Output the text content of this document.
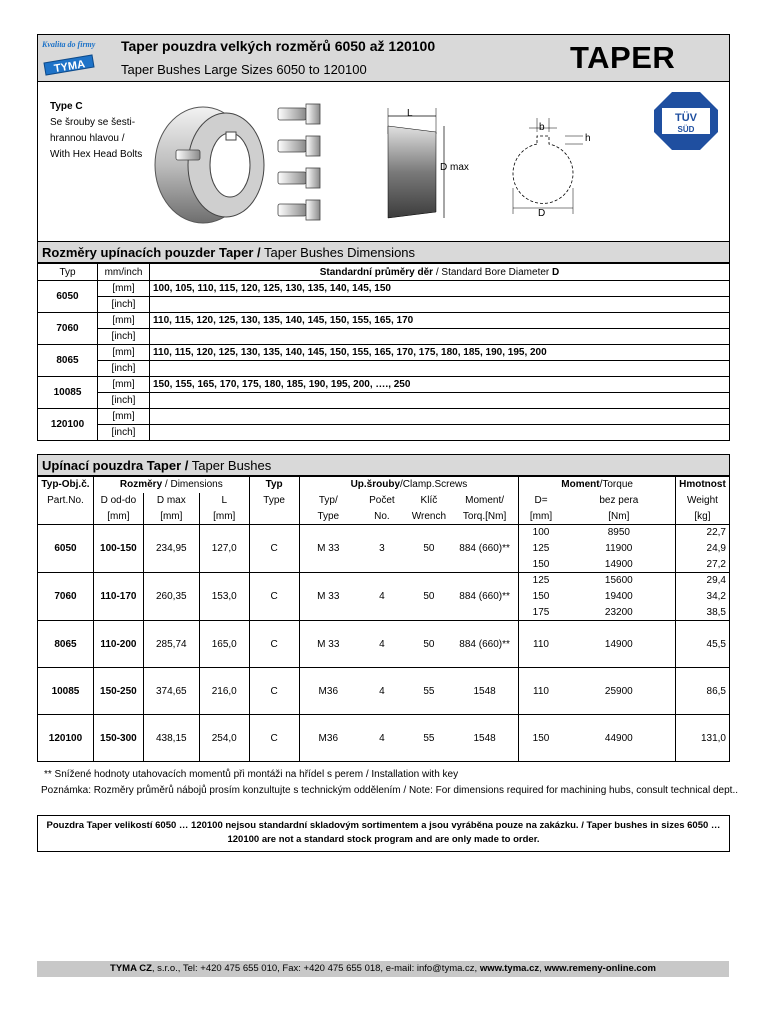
Kvalita do firmy
TYMA
Taper pouzdra velkých rozměrů 6050 až 120100
Taper Bushes Large Sizes 6050 to 120100	TAPER
Type C
Se šrouby se šesti-
hrannou hlavou /
With Hex Head Bolts
L
D max
b
h
D
TÜV
SÜD
Rozměry upínacích pouzder Taper / Taper Bushes Dimensions
Typ	mm/inch	Standardní průměry děr / Standard Bore Diameter D
6050	[mm]	100, 105, 110, 115, 120, 125, 130, 135, 140, 145, 150
	[inch]	
7060	[mm]	110, 115, 120, 125, 130, 135, 140, 145, 150, 155, 165, 170
	[inch]	
8065	[mm]	110, 115, 120, 125, 130, 135, 140, 145, 150, 155, 165, 170, 175, 180, 185, 190, 195, 200
	[inch]	
10085	[mm]	150, 155, 165, 170, 175, 180, 185, 190, 195, 200, …., 250
	[inch]	
120100	[mm]	
	[inch]	
Upínací pouzdra Taper / Taper Bushes
Typ-Obj.č.	Rozměry / Dimensions			Typ	Up.šrouby/Clamp.Screws				Moment/Torque		Hmotnost
Part.No.	D od-do	D max	L	Type	Typ/	Počet	Klíč	Moment/	D=	bez pera	Weight
	[mm]	[mm]	[mm]		Type	No.	Wrench	Torq.[Nm]	[mm]	[Nm]	[kg]
6050	100-150	234,95	127,0	C	M 33	3	50	884 (660)**	100	8950	22,7
									125	11900	24,9
									150	14900	27,2
7060	110-170	260,35	153,0	C	M 33	4	50	884 (660)**	125	15600	29,4
									150	19400	34,2
									175	23200	38,5
8065	110-200	285,74	165,0	C	M 33	4	50	884 (660)**	110	14900	45,5
10085	150-250	374,65	216,0	C	M36	4	55	1548	110	25900	86,5
120100	150-300	438,15	254,0	C	M36	4	55	1548	150	44900	131,0
** Snížené hodnoty utahovacích momentů při montáži na hřídel s perem / Installation with key
Poznámka: Rozměry průměrů nábojů prosím konzultujte s technickým oddělením / Note: For dimensions required for machining hubs, consult technical dept..
Pouzdra Taper velikostí 6050 … 120100 nejsou standardní skladovým sortimentem a jsou vyráběna pouze na zakázku. / Taper bushes in sizes 6050 …
120100 are not a standard stock program and are only made to order.
TYMA CZ, s.r.o., Tel: +420 475 655 010, Fax: +420 475 655 018, e-mail: info@tyma.cz, www.tyma.cz, www.remeny-online.com
